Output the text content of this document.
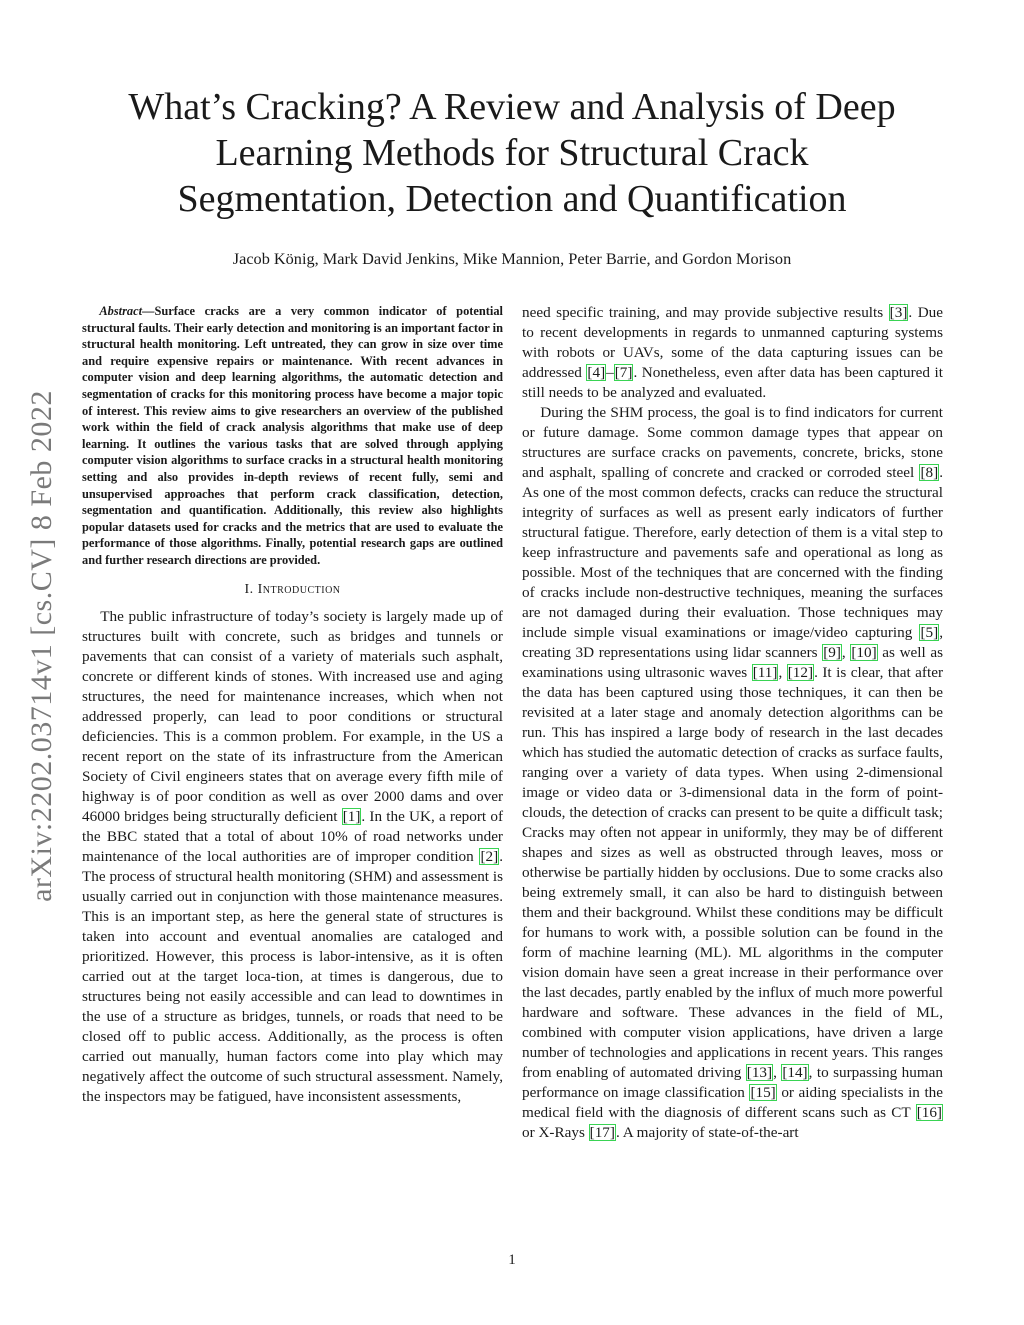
arXiv:2202.03714v1 [cs.CV] 8 Feb 2022
What’s Cracking? A Review and Analysis of Deep
Learning Methods for Structural Crack
Segmentation, Detection and Quantification
Jacob König, Mark David Jenkins, Mike Mannion, Peter Barrie, and Gordon Morison

Abstract—Surface cracks are a very common indicator of potential structural faults. Their early detection and monitoring is an important factor in structural health monitoring. Left untreated, they can grow in size over time and require expensive repairs or maintenance. With recent advances in computer vision and deep learning algorithms, the automatic detection and segmentation of cracks for this monitoring process have become a major topic of interest. This review aims to give researchers an overview of the published work within the field of crack analysis algorithms that make use of deep learning. It outlines the various tasks that are solved through applying computer vision algorithms to surface cracks in a structural health monitoring setting and also provides in-depth reviews of recent fully, semi and unsupervised approaches that perform crack classification, detection, segmentation and quantification. Additionally, this review also highlights popular datasets used for cracks and the metrics that are used to evaluate the performance of those algorithms. Finally, potential research gaps are outlined and further research directions are provided.

I. Introduction

The public infrastructure of today’s society is largely made up of structures built with concrete, such as bridges and tunnels or pavements that can consist of a variety of materials such asphalt, concrete or different kinds of stones. With increased use and aging structures, the need for maintenance increases, which when not addressed properly, can lead to poor conditions or structural deficiencies. This is a common problem. For example, in the US a recent report on the state of its infrastructure from the American Society of Civil engineers states that on average every fifth mile of highway is of poor condition as well as over 2000 dams and over 46000 bridges being structurally deficient [1]. In the UK, a report of the BBC stated that a total of about 10% of road networks under maintenance of the local authorities are of improper condition [2]. The process of structural health monitoring (SHM) and assessment is usually carried out in conjunction with those maintenance measures. This is an important step, as here the general state of structures is taken into account and eventual anomalies are cataloged and prioritized. However, this process is labor-intensive, as it is often carried out at the target loca-tion, at times is dangerous, due to structures being not easily accessible and can lead to downtimes in the use of a structure as bridges, tunnels, or roads that need to be closed off to public access. Additionally, as the process is often carried out manually, human factors come into play which may negatively affect the outcome of such structural assessment. Namely, the inspectors may be fatigued, have inconsistent assessments,

need specific training, and may provide subjective results [3]. Due to recent developments in regards to unmanned capturing systems with robots or UAVs, some of the data capturing issues can be addressed [4]–[7]. Nonetheless, even after data has been captured it still needs to be analyzed and evaluated.

During the SHM process, the goal is to find indicators for current or future damage. Some common damage types that appear on structures are surface cracks on pavements, concrete, bricks, stone and asphalt, spalling of concrete and cracked or corroded steel [8]. As one of the most common defects, cracks can reduce the structural integrity of surfaces as well as present early indicators of further structural fatigue. Therefore, early detection of them is a vital step to keep infrastructure and pavements safe and operational as long as possible. Most of the techniques that are concerned with the finding of cracks include non-destructive techniques, meaning the surfaces are not damaged during their evaluation. Those techniques may include simple visual examinations or image/video capturing [5], creating 3D representations using lidar scanners [9], [10] as well as examinations using ultrasonic waves [11], [12]. It is clear, that after the data has been captured using those techniques, it can then be revisited at a later stage and anomaly detection algorithms can be run. This has inspired a large body of research in the last decades which has studied the automatic detection of cracks as surface faults, ranging over a variety of data types. When using 2-dimensional image or video data or 3-dimensional data in the form of point-clouds, the detection of cracks can present to be quite a difficult task; Cracks may often not appear in uniformly, they may be of different shapes and sizes as well as obstructed through leaves, moss or otherwise be partially hidden by occlusions. Due to some cracks also being extremely small, it can also be hard to distinguish between them and their background. Whilst these conditions may be difficult for humans to work with, a possible solution can be found in the form of machine learning (ML). ML algorithms in the computer vision domain have seen a great increase in their performance over the last decades, partly enabled by the influx of much more powerful hardware and software. These advances in the field of ML, combined with computer vision applications, have driven a large number of technologies and applications in recent years. This ranges from enabling of automated driving [13], [14], to surpassing human performance on image classification [15] or aiding specialists in the medical field with the diagnosis of different scans such as CT [16] or X-Rays [17]. A majority of state-of-the-art

1
